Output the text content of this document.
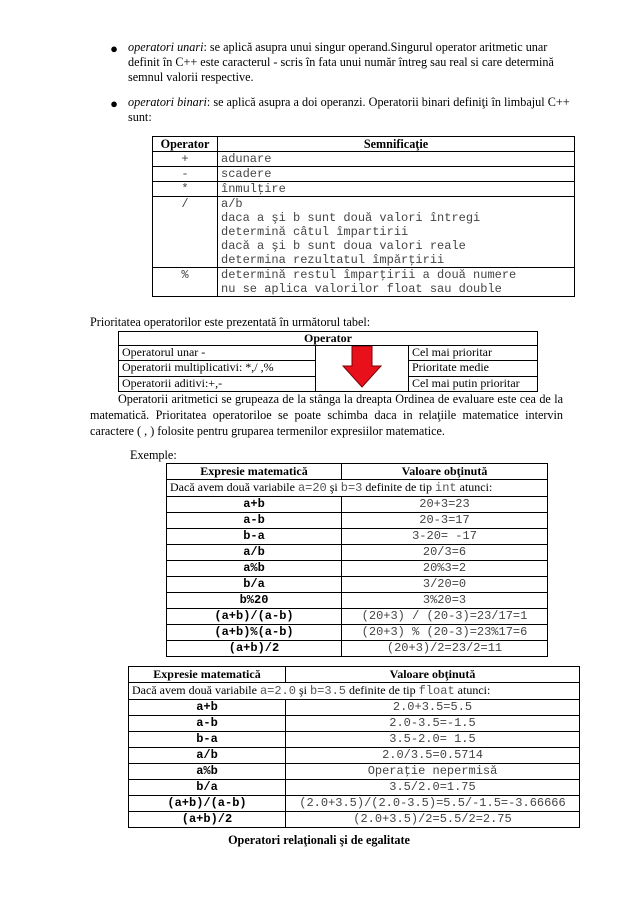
● operatori unari: se aplică asupra unui singur operand.Singurul operator aritmetic unar definit în C++ este caracterul - scris în fata unui număr întreg sau real si care determină semnul valorii respective.
● operatori binari: se aplică asupra a doi operanzi. Operatorii binari definiţi în limbajul C++ sunt:
Operator	Semnificaţie
+	adunare

-	scadere

*	înmulţire

/	a/b
daca a şi b sunt două valori întregi
determină câtul împartirii
dacă a şi b sunt doua valori reale
determina rezultatul împărţirii

%	determină restul împarţirii a două numere
nu se aplica valorilor float sau double
Prioritatea operatorilor este prezentată în următorul tabel:
Operator		
Operatorul unar -		Cel mai prioritar
Operatorii multiplicativi: *,/ ,%		Prioritate medie
Operatorii aditivi:+,-		Cel mai putin prioritar
Operatorii aritmetici se grupeaza de la stânga la dreapta Ordinea de evaluare este cea de la matematică. Prioritatea operatoriloe se poate schimba daca in relaţiile matematice intervin caractere ( , ) folosite pentru gruparea termenilor expresiilor matematice.
Exemple:
Expresie matematică	Valoare obţinută
Dacă avem două variabile a=20 şi b=3 definite de tip int atunci:	
a+b	20+3=23
a-b	20-3=17
b-a	3-20= -17
a/b	20/3=6
a%b	20%3=2
b/a	3/20=0
b%20	3%20=3
(a+b)/(a-b)	(20+3) / (20-3)=23/17=1
(a+b)%(a-b)	(20+3) % (20-3)=23%17=6
(a+b)/2	(20+3)/2=23/2=11
Expresie matematică	Valoare obţinută
Dacă avem două variabile a=2.0 şi b=3.5 definite de tip float atunci:	
a+b	2.0+3.5=5.5
a-b	2.0-3.5=-1.5
b-a	3.5-2.0= 1.5
a/b	2.0/3.5=0.5714
a%b	Operaţie nepermisă
b/a	3.5/2.0=1.75
(a+b)/(a-b)	(2.0+3.5)/(2.0-3.5)=5.5/-1.5=-3.66666
(a+b)/2	(2.0+3.5)/2=5.5/2=2.75
Operatori relaţionali şi de egalitate
